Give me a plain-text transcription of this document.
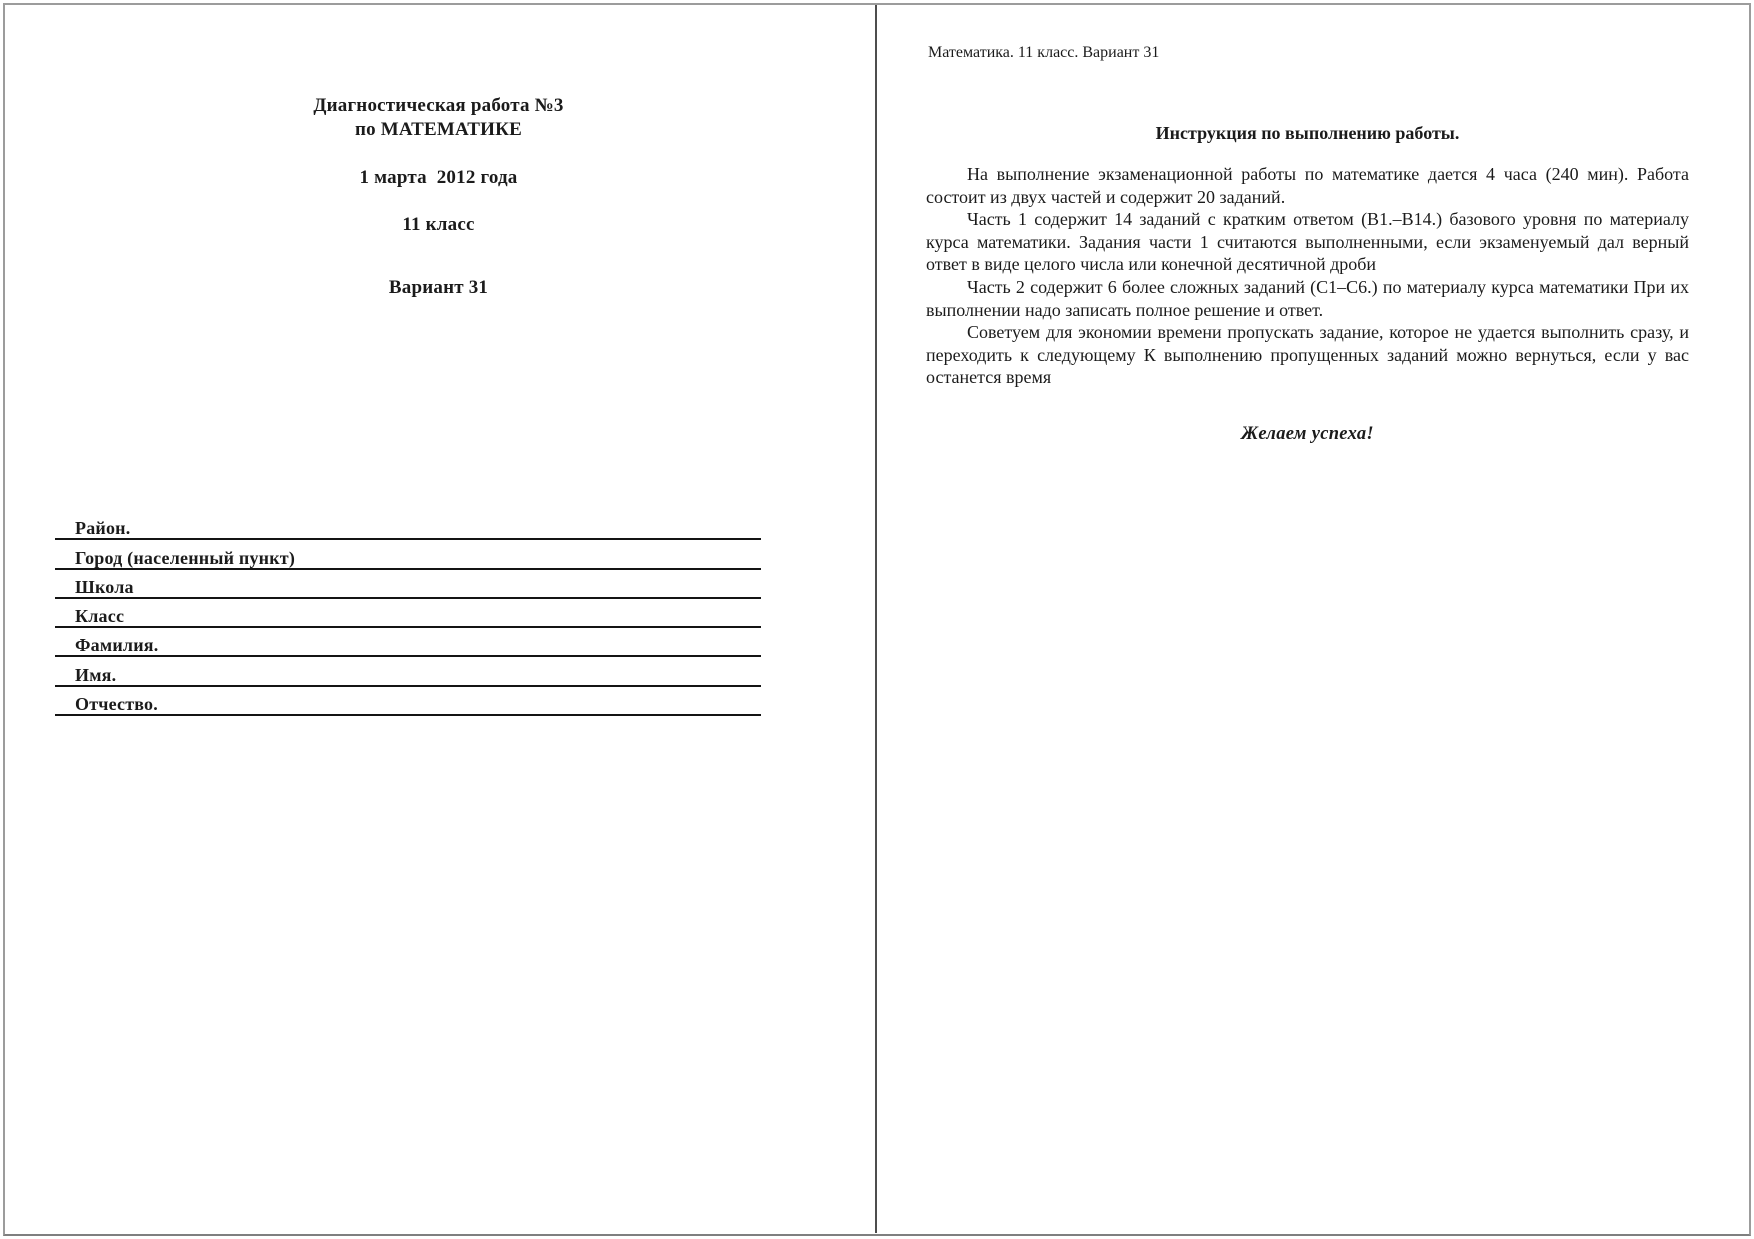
Диагностическая работа №3
по МАТЕМАТИКЕ
1 марта  2012 года
11 класс
Вариант 31
Район.
Город (населенный пункт)
Школа
Класс
Фамилия.
Имя.
Отчество.
Математика. 11 класс. Вариант 31
Инструкция по выполнению работы.

На выполнение экзаменационной работы по математике дается 4 часа (240 мин). Работа состоит из двух частей и содержит 20 заданий.

Часть 1 содержит 14 заданий с кратким ответом (В1.–В14.) базового уровня по материалу курса математики. Задания части 1 считаются выполненными, если экзаменуемый дал верный ответ в виде целого числа или конечной десятичной дроби

Часть 2 содержит 6 более сложных заданий (С1–С6.) по материалу курса математики При их выполнении надо записать полное решение и ответ.

Советуем для экономии времени пропускать задание, которое не удается выполнить сразу, и переходить к следующему К выполнению пропущенных заданий можно вернуться, если у вас останется время

Желаем успеха!
